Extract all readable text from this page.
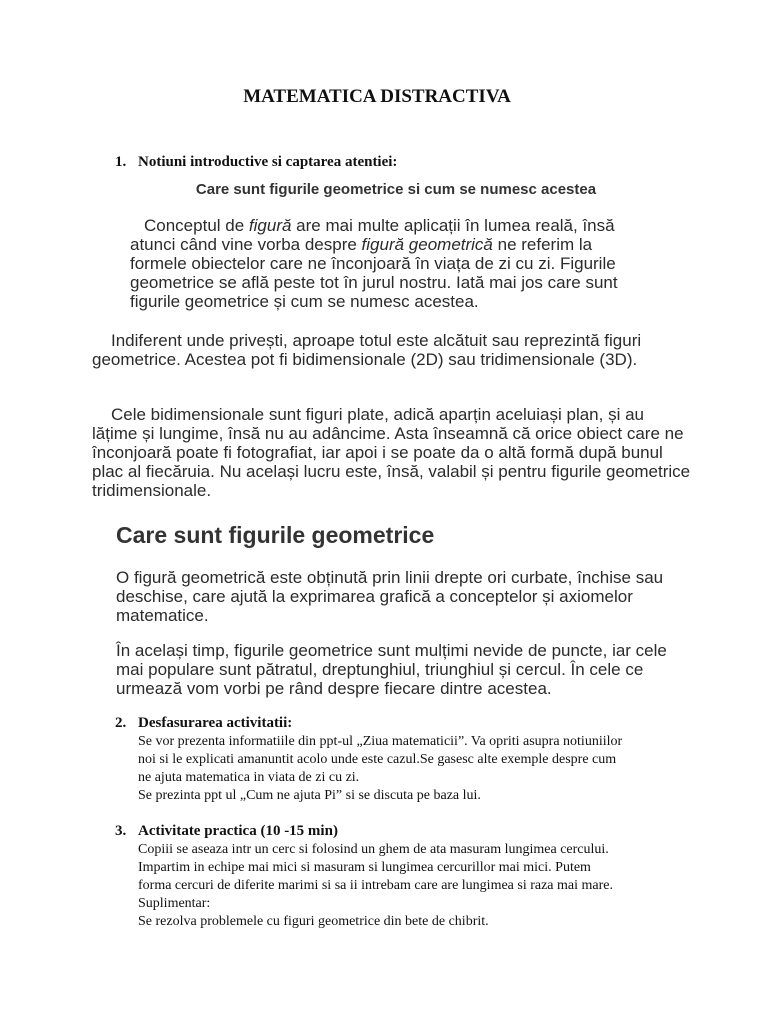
MATEMATICA DISTRACTIVA
1. Notiuni introductive si captarea atentiei:
Care sunt figurile geometrice si cum se numesc acestea

Conceptul de figură are mai multe aplicații în lumea reală, însă atunci când vine vorba despre figură geometrică ne referim la formele obiectelor care ne înconjoară în viața de zi cu zi. Figurile geometrice se află peste tot în jurul nostru. Iată mai jos care sunt figurile geometrice și cum se numesc acestea.

Indiferent unde privești, aproape totul este alcătuit sau reprezintă figuri geometrice. Acestea pot fi bidimensionale (2D) sau tridimensionale (3D).

Cele bidimensionale sunt figuri plate, adică aparțin aceluiași plan, și au lățime și lungime, însă nu au adâncime. Asta înseamnă că orice obiect care ne înconjoară poate fi fotografiat, iar apoi i se poate da o altă formă după bunul plac al fiecăruia. Nu același lucru este, însă, valabil și pentru figurile geometrice tridimensionale.

Care sunt figurile geometrice

O figură geometrică este obținută prin linii drepte ori curbate, închise sau deschise, care ajută la exprimarea grafică a conceptelor și axiomelor matematice.

În același timp, figurile geometrice sunt mulțimi nevide de puncte, iar cele mai populare sunt pătratul, dreptunghiul, triunghiul și cercul. În cele ce urmează vom vorbi pe rând despre fiecare dintre acestea.

2. Desfasurarea activitatii:
Se vor prezenta informatiile din ppt-ul „Ziua matematicii”. Va opriti asupra notiuniilor
noi si le explicati amanuntit acolo unde este cazul.Se gasesc alte exemple despre cum
ne ajuta matematica in viata de zi cu zi.
Se prezinta ppt ul „Cum ne ajuta Pi” si se discuta pe baza lui.
3. Activitate practica (10 -15 min)
Copiii se aseaza intr un cerc si folosind un ghem de ata masuram lungimea cercului.
Impartim in echipe mai mici si masuram si lungimea cercurillor mai mici. Putem
forma cercuri de diferite marimi si sa ii intrebam care are lungimea si raza mai mare.
Suplimentar:
Se rezolva problemele cu figuri geometrice din bete de chibrit.
